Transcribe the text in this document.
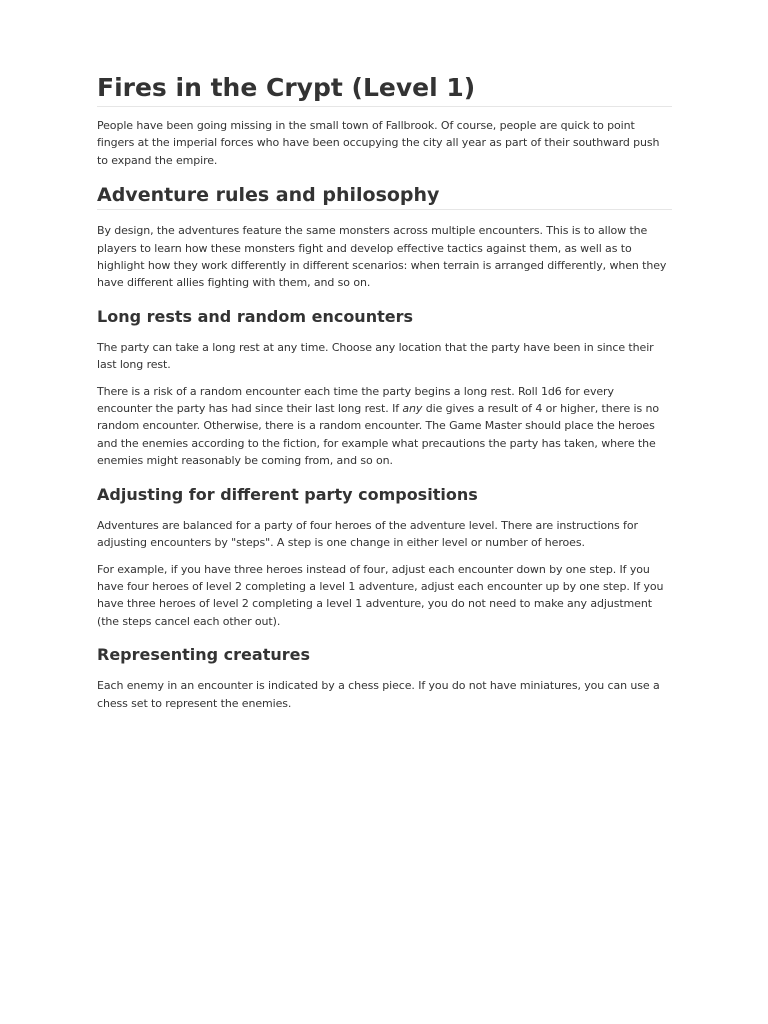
Fires in the Crypt (Level 1)

People have been going missing in the small town of Fallbrook. Of course, people are quick to point fingers at the imperial forces who have been occupying the city all year as part of their southward push to expand the empire.

Adventure rules and philosophy

By design, the adventures feature the same monsters across multiple encounters. This is to allow the players to learn how these monsters fight and develop effective tactics against them, as well as to highlight how they work differently in different scenarios: when terrain is arranged differently, when they have different allies fighting with them, and so on.

Long rests and random encounters

The party can take a long rest at any time. Choose any location that the party have been in since their last long rest.

There is a risk of a random encounter each time the party begins a long rest. Roll 1d6 for every encounter the party has had since their last long rest. If any die gives a result of 4 or higher, there is no random encounter. Otherwise, there is a random encounter. The Game Master should place the heroes and the enemies according to the fiction, for example what precautions the party has taken, where the enemies might reasonably be coming from, and so on.

Adjusting for different party compositions

Adventures are balanced for a party of four heroes of the adventure level. There are instructions for adjusting encounters by "steps". A step is one change in either level or number of heroes.

For example, if you have three heroes instead of four, adjust each encounter down by one step. If you have four heroes of level 2 completing a level 1 adventure, adjust each encounter up by one step. If you have three heroes of level 2 completing a level 1 adventure, you do not need to make any adjustment (the steps cancel each other out).

Representing creatures

Each enemy in an encounter is indicated by a chess piece. If you do not have miniatures, you can use a chess set to represent the enemies.
